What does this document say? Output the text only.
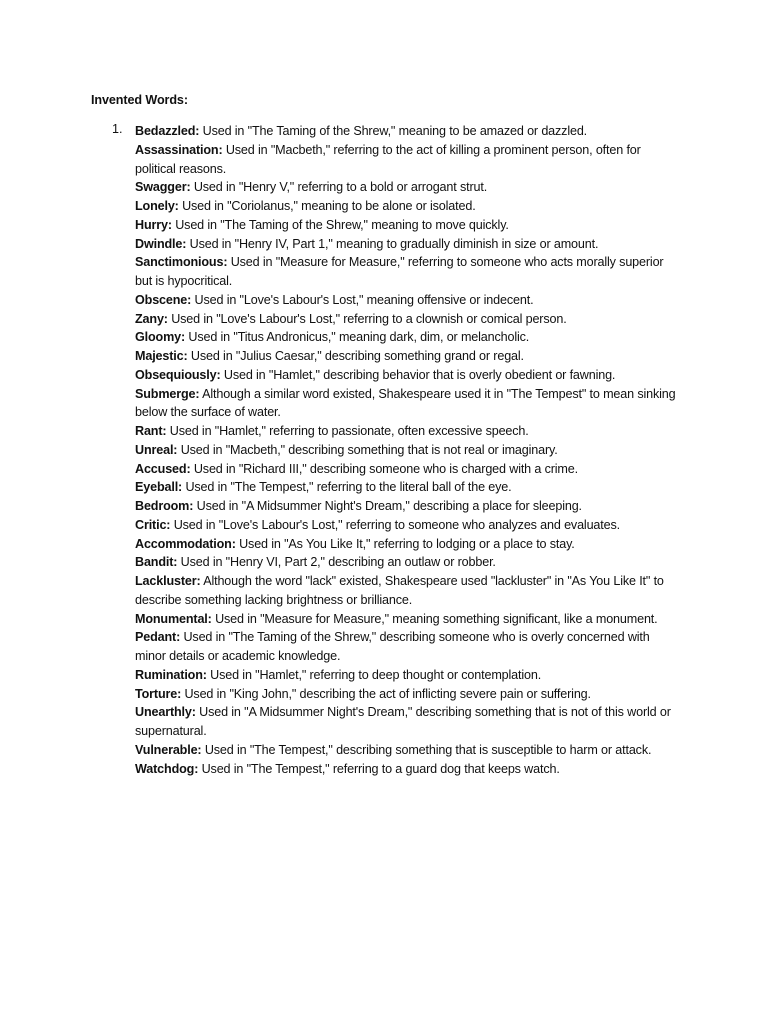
Invented Words:
1. Bedazzled: Used in "The Taming of the Shrew," meaning to be amazed or dazzled.
Assassination: Used in "Macbeth," referring to the act of killing a prominent person, often for political reasons.
Swagger: Used in "Henry V," referring to a bold or arrogant strut.
Lonely: Used in "Coriolanus," meaning to be alone or isolated.
Hurry: Used in "The Taming of the Shrew," meaning to move quickly.
Dwindle: Used in "Henry IV, Part 1," meaning to gradually diminish in size or amount.
Sanctimonious: Used in "Measure for Measure," referring to someone who acts morally superior but is hypocritical.
Obscene: Used in "Love's Labour's Lost," meaning offensive or indecent.
Zany: Used in "Love's Labour's Lost," referring to a clownish or comical person.
Gloomy: Used in "Titus Andronicus," meaning dark, dim, or melancholic.
Majestic: Used in "Julius Caesar," describing something grand or regal.
Obsequiously: Used in "Hamlet," describing behavior that is overly obedient or fawning.
Submerge: Although a similar word existed, Shakespeare used it in "The Tempest" to mean sinking below the surface of water.
Rant: Used in "Hamlet," referring to passionate, often excessive speech.
Unreal: Used in "Macbeth," describing something that is not real or imaginary.
Accused: Used in "Richard III," describing someone who is charged with a crime.
Eyeball: Used in "The Tempest," referring to the literal ball of the eye.
Bedroom: Used in "A Midsummer Night's Dream," describing a place for sleeping.
Critic: Used in "Love's Labour's Lost," referring to someone who analyzes and evaluates.
Accommodation: Used in "As You Like It," referring to lodging or a place to stay.
Bandit: Used in "Henry VI, Part 2," describing an outlaw or robber.
Lackluster: Although the word "lack" existed, Shakespeare used "lackluster" in "As You Like It" to describe something lacking brightness or brilliance.
Monumental: Used in "Measure for Measure," meaning something significant, like a monument.
Pedant: Used in "The Taming of the Shrew," describing someone who is overly concerned with minor details or academic knowledge.
Rumination: Used in "Hamlet," referring to deep thought or contemplation.
Torture: Used in "King John," describing the act of inflicting severe pain or suffering.
Unearthly: Used in "A Midsummer Night's Dream," describing something that is not of this world or supernatural.
Vulnerable: Used in "The Tempest," describing something that is susceptible to harm or attack.
Watchdog: Used in "The Tempest," referring to a guard dog that keeps watch.
